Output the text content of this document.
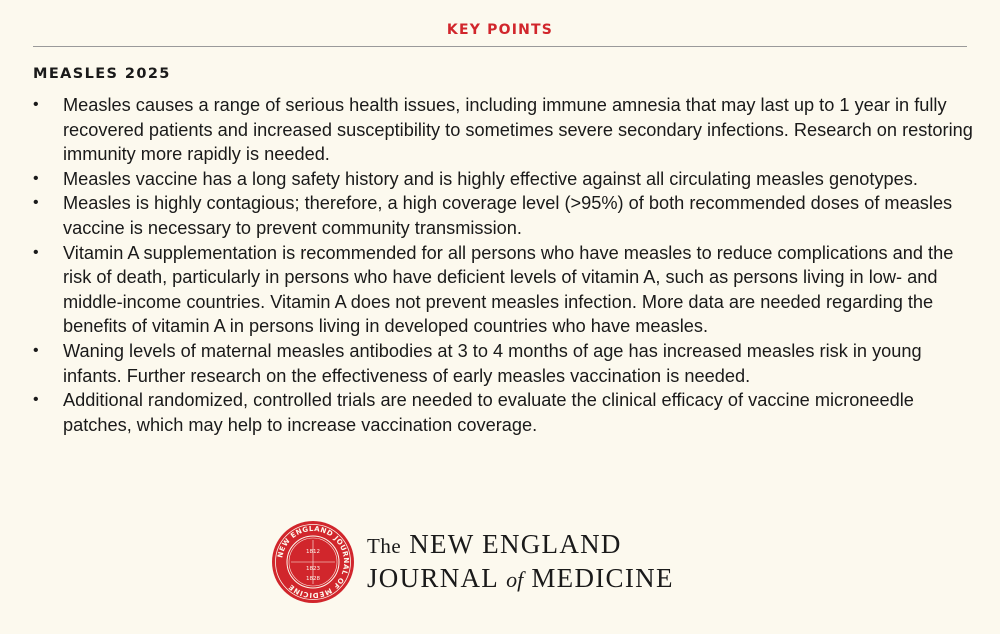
KEY POINTS
MEASLES 2025
•	Measles causes a range of serious health issues, including immune amnesia that may last up to 1 year in fully recovered patients and increased susceptibility to sometimes severe secondary infections. Research on restoring immunity more rapidly is needed.
•	Measles vaccine has a long safety history and is highly effective against all circulating measles genotypes.
•	Measles is highly contagious; therefore, a high coverage level (>95%) of both recommended doses of measles vaccine is necessary to prevent community transmission.
•	Vitamin A supplementation is recommended for all persons who have measles to reduce complications and the risk of death, particularly in persons who have deficient levels of vitamin A, such as persons living in low- and middle-income countries. Vitamin A does not prevent measles infection. More data are needed regarding the benefits of vitamin A in persons living in developed countries who have measles.
•	Waning levels of maternal measles antibodies at 3 to 4 months of age has increased measles risk in young infants. Further research on the effectiveness of early measles vaccination is needed.
•	Additional randomized, controlled trials are needed to evaluate the clinical efficacy of vaccine microneedle patches, which may help to increase vaccination coverage.
NEW ENGLAND JOURNAL OF MEDICINE
1812
1823
1828
The NEW ENGLAND
JOURNAL of MEDICINE
